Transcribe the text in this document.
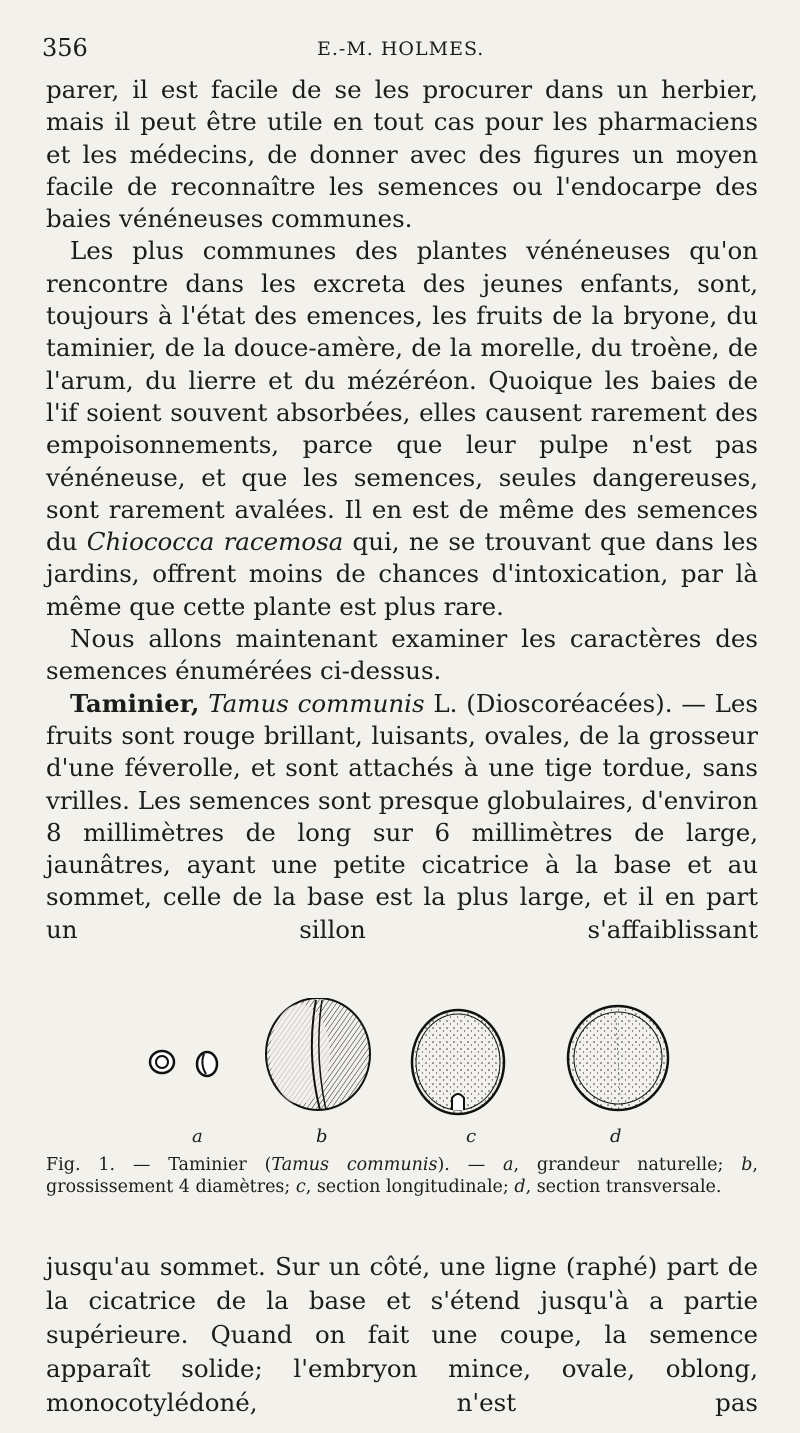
356	E.-M. HOLMES.

parer, il est facile de se les procurer dans un herbier, mais il peut être utile en tout cas pour les pharmaciens et les médecins, de donner avec des figures un moyen facile de reconnaître les semences ou l'endocarpe des baies vénéneuses communes.

Les plus communes des plantes vénéneuses qu'on rencontre dans les excreta des jeunes enfants, sont, toujours à l'état des emences, les fruits de la bryone, du taminier, de la douce-amère, de la morelle, du troène, de l'arum, du lierre et du mézéréon. Quoique les baies de l'if soient souvent absorbées, elles causent rarement des empoisonnements, parce que leur pulpe n'est pas vénéneuse, et que les semences, seules dangereuses, sont rarement avalées. Il en est de même des semences du Chiococca racemosa qui, ne se trouvant que dans les jardins, offrent moins de chances d'intoxication, par là même que cette plante est plus rare.

Nous allons maintenant examiner les caractères des semences énumérées ci-dessus.

Taminier, Tamus communis L. (Dioscoréacées). — Les fruits sont rouge brillant, luisants, ovales, de la grosseur d'une féverolle, et sont attachés à une tige tordue, sans vrilles. Les semences sont presque globulaires, d'environ 8 millimètres de long sur 6 millimètres de large, jaunâtres, ayant une petite cicatrice à la base et au sommet, celle de la base est la plus large, et il en part un sillon s'affaiblissant

a	b	c	d
Fig. 1. — Taminier (Tamus communis). — a, grandeur naturelle; b, grossissement 4 diamètres; c, section longitudinale; d, section transversale.

jusqu'au sommet. Sur un côté, une ligne (raphé) part de la cicatrice de la base et s'étend jusqu'à a partie supérieure. Quand on fait une coupe, la semence apparaît solide; l'embryon mince, ovale, oblong, monocotylédoné, n'est pas
